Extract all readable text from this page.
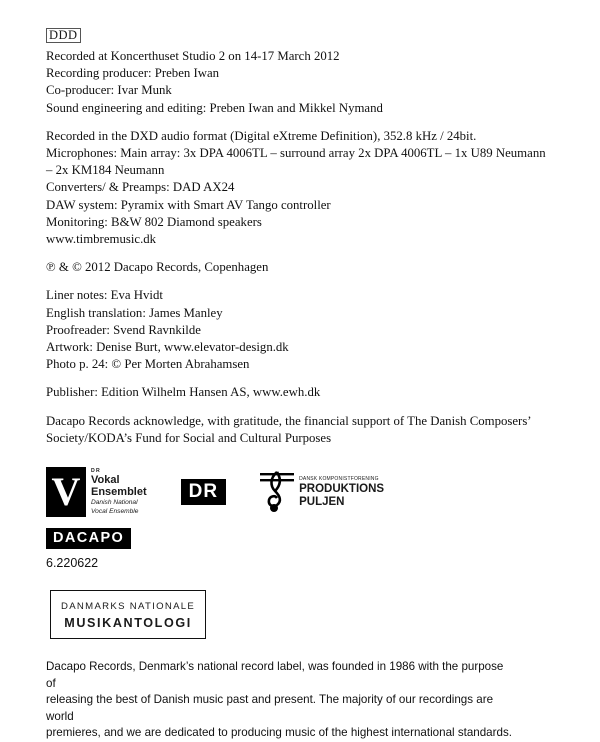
DDD
Recorded at Koncerthuset Studio 2 on 14-17 March 2012
Recording producer: Preben Iwan
Co-producer: Ivar Munk
Sound engineering and editing: Preben Iwan and Mikkel Nymand
Recorded in the DXD audio format (Digital eXtreme Definition), 352.8 kHz / 24bit.
Microphones: Main array: 3x DPA 4006TL – surround array 2x DPA 4006TL – 1x U89 Neumann – 2x KM184 Neumann
Converters/ & Preamps: DAD AX24
DAW system: Pyramix with Smart AV Tango controller
Monitoring: B&W 802 Diamond speakers
www.timbremusic.dk
℗ & © 2012 Dacapo Records, Copenhagen
Liner notes: Eva Hvidt
English translation: James Manley
Proofreader: Svend Ravnkilde
Artwork: Denise Burt, www.elevator-design.dk
Photo p. 24: © Per Morten Abrahamsen
Publisher: Edition Wilhelm Hansen AS, www.ewh.dk
Dacapo Records acknowledge, with gratitude, the financial support of The Danish Composers’
Society/KODA’s Fund for Social and Cultural Purposes
V	DR
Vokal
Ensemblet
Danish National
Vocal Ensemble
DR
DANSK KOMPONISTFORENING
PRODUKTIONS
PULJEN
DACAPO
6.220622
DANMARKS NATIONALE
MUSIKANTOLOGI
Dacapo Records, Denmark’s national record label, was founded in 1986 with the purpose of
releasing the best of Danish music past and present. The majority of our recordings are world
premieres, and we are dedicated to producing music of the highest international standards.
